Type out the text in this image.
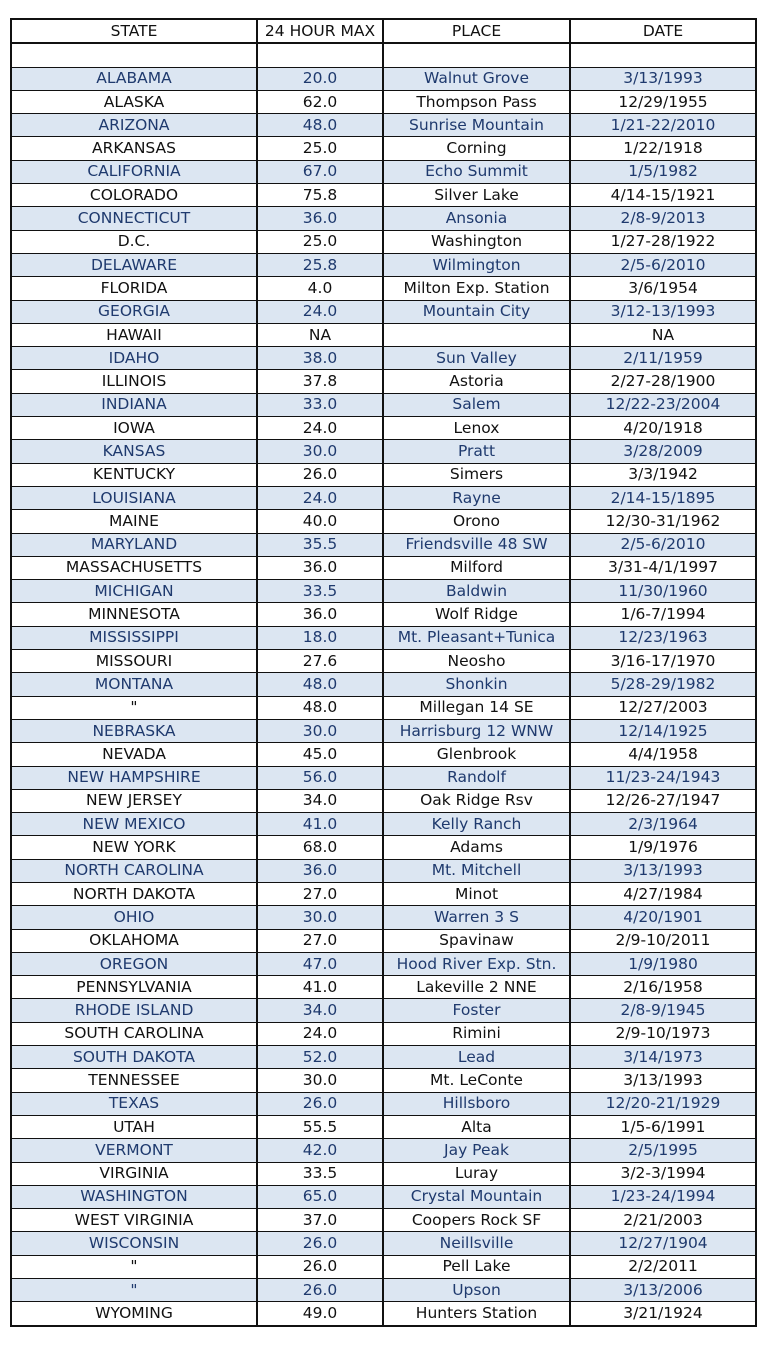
STATE	24 HOUR MAX	PLACE	DATE

ALABAMA	20.0	Walnut Grove	3/13/1993
ALASKA	62.0	Thompson Pass	12/29/1955
ARIZONA	48.0	Sunrise Mountain	1/21-22/2010
ARKANSAS	25.0	Corning	1/22/1918
CALIFORNIA	67.0	Echo Summit	1/5/1982
COLORADO	75.8	Silver Lake	4/14-15/1921
CONNECTICUT	36.0	Ansonia	2/8-9/2013
D.C.	25.0	Washington	1/27-28/1922
DELAWARE	25.8	Wilmington	2/5-6/2010
FLORIDA	4.0	Milton Exp. Station	3/6/1954
GEORGIA	24.0	Mountain City	3/12-13/1993
HAWAII	NA		NA
IDAHO	38.0	Sun Valley	2/11/1959
ILLINOIS	37.8	Astoria	2/27-28/1900
INDIANA	33.0	Salem	12/22-23/2004
IOWA	24.0	Lenox	4/20/1918
KANSAS	30.0	Pratt	3/28/2009
KENTUCKY	26.0	Simers	3/3/1942
LOUISIANA	24.0	Rayne	2/14-15/1895
MAINE	40.0	Orono	12/30-31/1962
MARYLAND	35.5	Friendsville 48 SW	2/5-6/2010
MASSACHUSETTS	36.0	Milford	3/31-4/1/1997
MICHIGAN	33.5	Baldwin	11/30/1960
MINNESOTA	36.0	Wolf Ridge	1/6-7/1994
MISSISSIPPI	18.0	Mt. Pleasant+Tunica	12/23/1963
MISSOURI	27.6	Neosho	3/16-17/1970
MONTANA	48.0	Shonkin	5/28-29/1982
"	48.0	Millegan 14 SE	12/27/2003
NEBRASKA	30.0	Harrisburg 12 WNW	12/14/1925
NEVADA	45.0	Glenbrook	4/4/1958
NEW HAMPSHIRE	56.0	Randolf	11/23-24/1943
NEW JERSEY	34.0	Oak Ridge Rsv	12/26-27/1947
NEW MEXICO	41.0	Kelly Ranch	2/3/1964
NEW YORK	68.0	Adams	1/9/1976
NORTH CAROLINA	36.0	Mt. Mitchell	3/13/1993
NORTH DAKOTA	27.0	Minot	4/27/1984
OHIO	30.0	Warren 3 S	4/20/1901
OKLAHOMA	27.0	Spavinaw	2/9-10/2011
OREGON	47.0	Hood River Exp. Stn.	1/9/1980
PENNSYLVANIA	41.0	Lakeville 2 NNE	2/16/1958
RHODE ISLAND	34.0	Foster	2/8-9/1945
SOUTH CAROLINA	24.0	Rimini	2/9-10/1973
SOUTH DAKOTA	52.0	Lead	3/14/1973
TENNESSEE	30.0	Mt. LeConte	3/13/1993
TEXAS	26.0	Hillsboro	12/20-21/1929
UTAH	55.5	Alta	1/5-6/1991
VERMONT	42.0	Jay Peak	2/5/1995
VIRGINIA	33.5	Luray	3/2-3/1994
WASHINGTON	65.0	Crystal Mountain	1/23-24/1994
WEST VIRGINIA	37.0	Coopers Rock SF	2/21/2003
WISCONSIN	26.0	Neillsville	12/27/1904
"	26.0	Pell Lake	2/2/2011
"	26.0	Upson	3/13/2006
WYOMING	49.0	Hunters Station	3/21/1924
